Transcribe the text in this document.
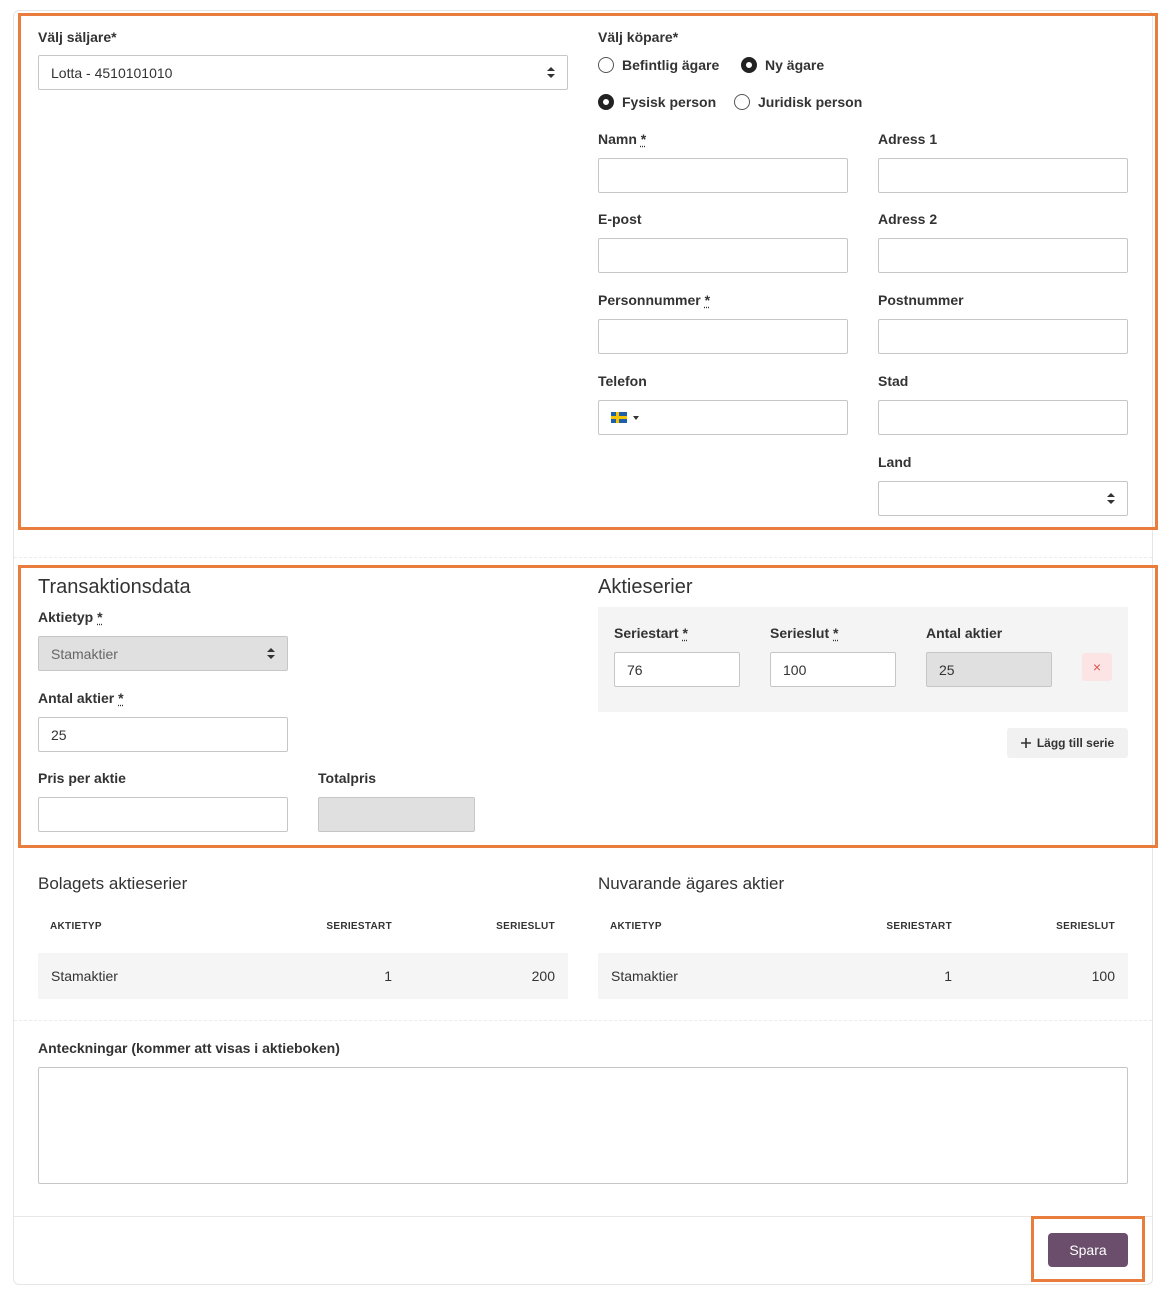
Välj säljare*
Lotta - 4510101010
Välj köpare*
Befintlig ägare	Ny ägare
Fysisk person	Juridisk person
Namn *
E-post
Personnummer *
Telefon
Adress 1
Adress 2
Postnummer
Stad
Land
Transaktionsdata
Aktietyp *
Stamaktier
Antal aktier *
25
Pris per aktie	Totalpris
Aktieserier
Seriestart *
76
Serieslut *
100
Antal aktier
25	×
Lägg till serie
Bolagets aktieserier
AKTIETYP	SERIESTART	SERIESLUT
Stamaktier	1	200
Nuvarande ägares aktier
AKTIETYP	SERIESTART	SERIESLUT
Stamaktier	1	100
Anteckningar (kommer att visas i aktieboken)
Spara
